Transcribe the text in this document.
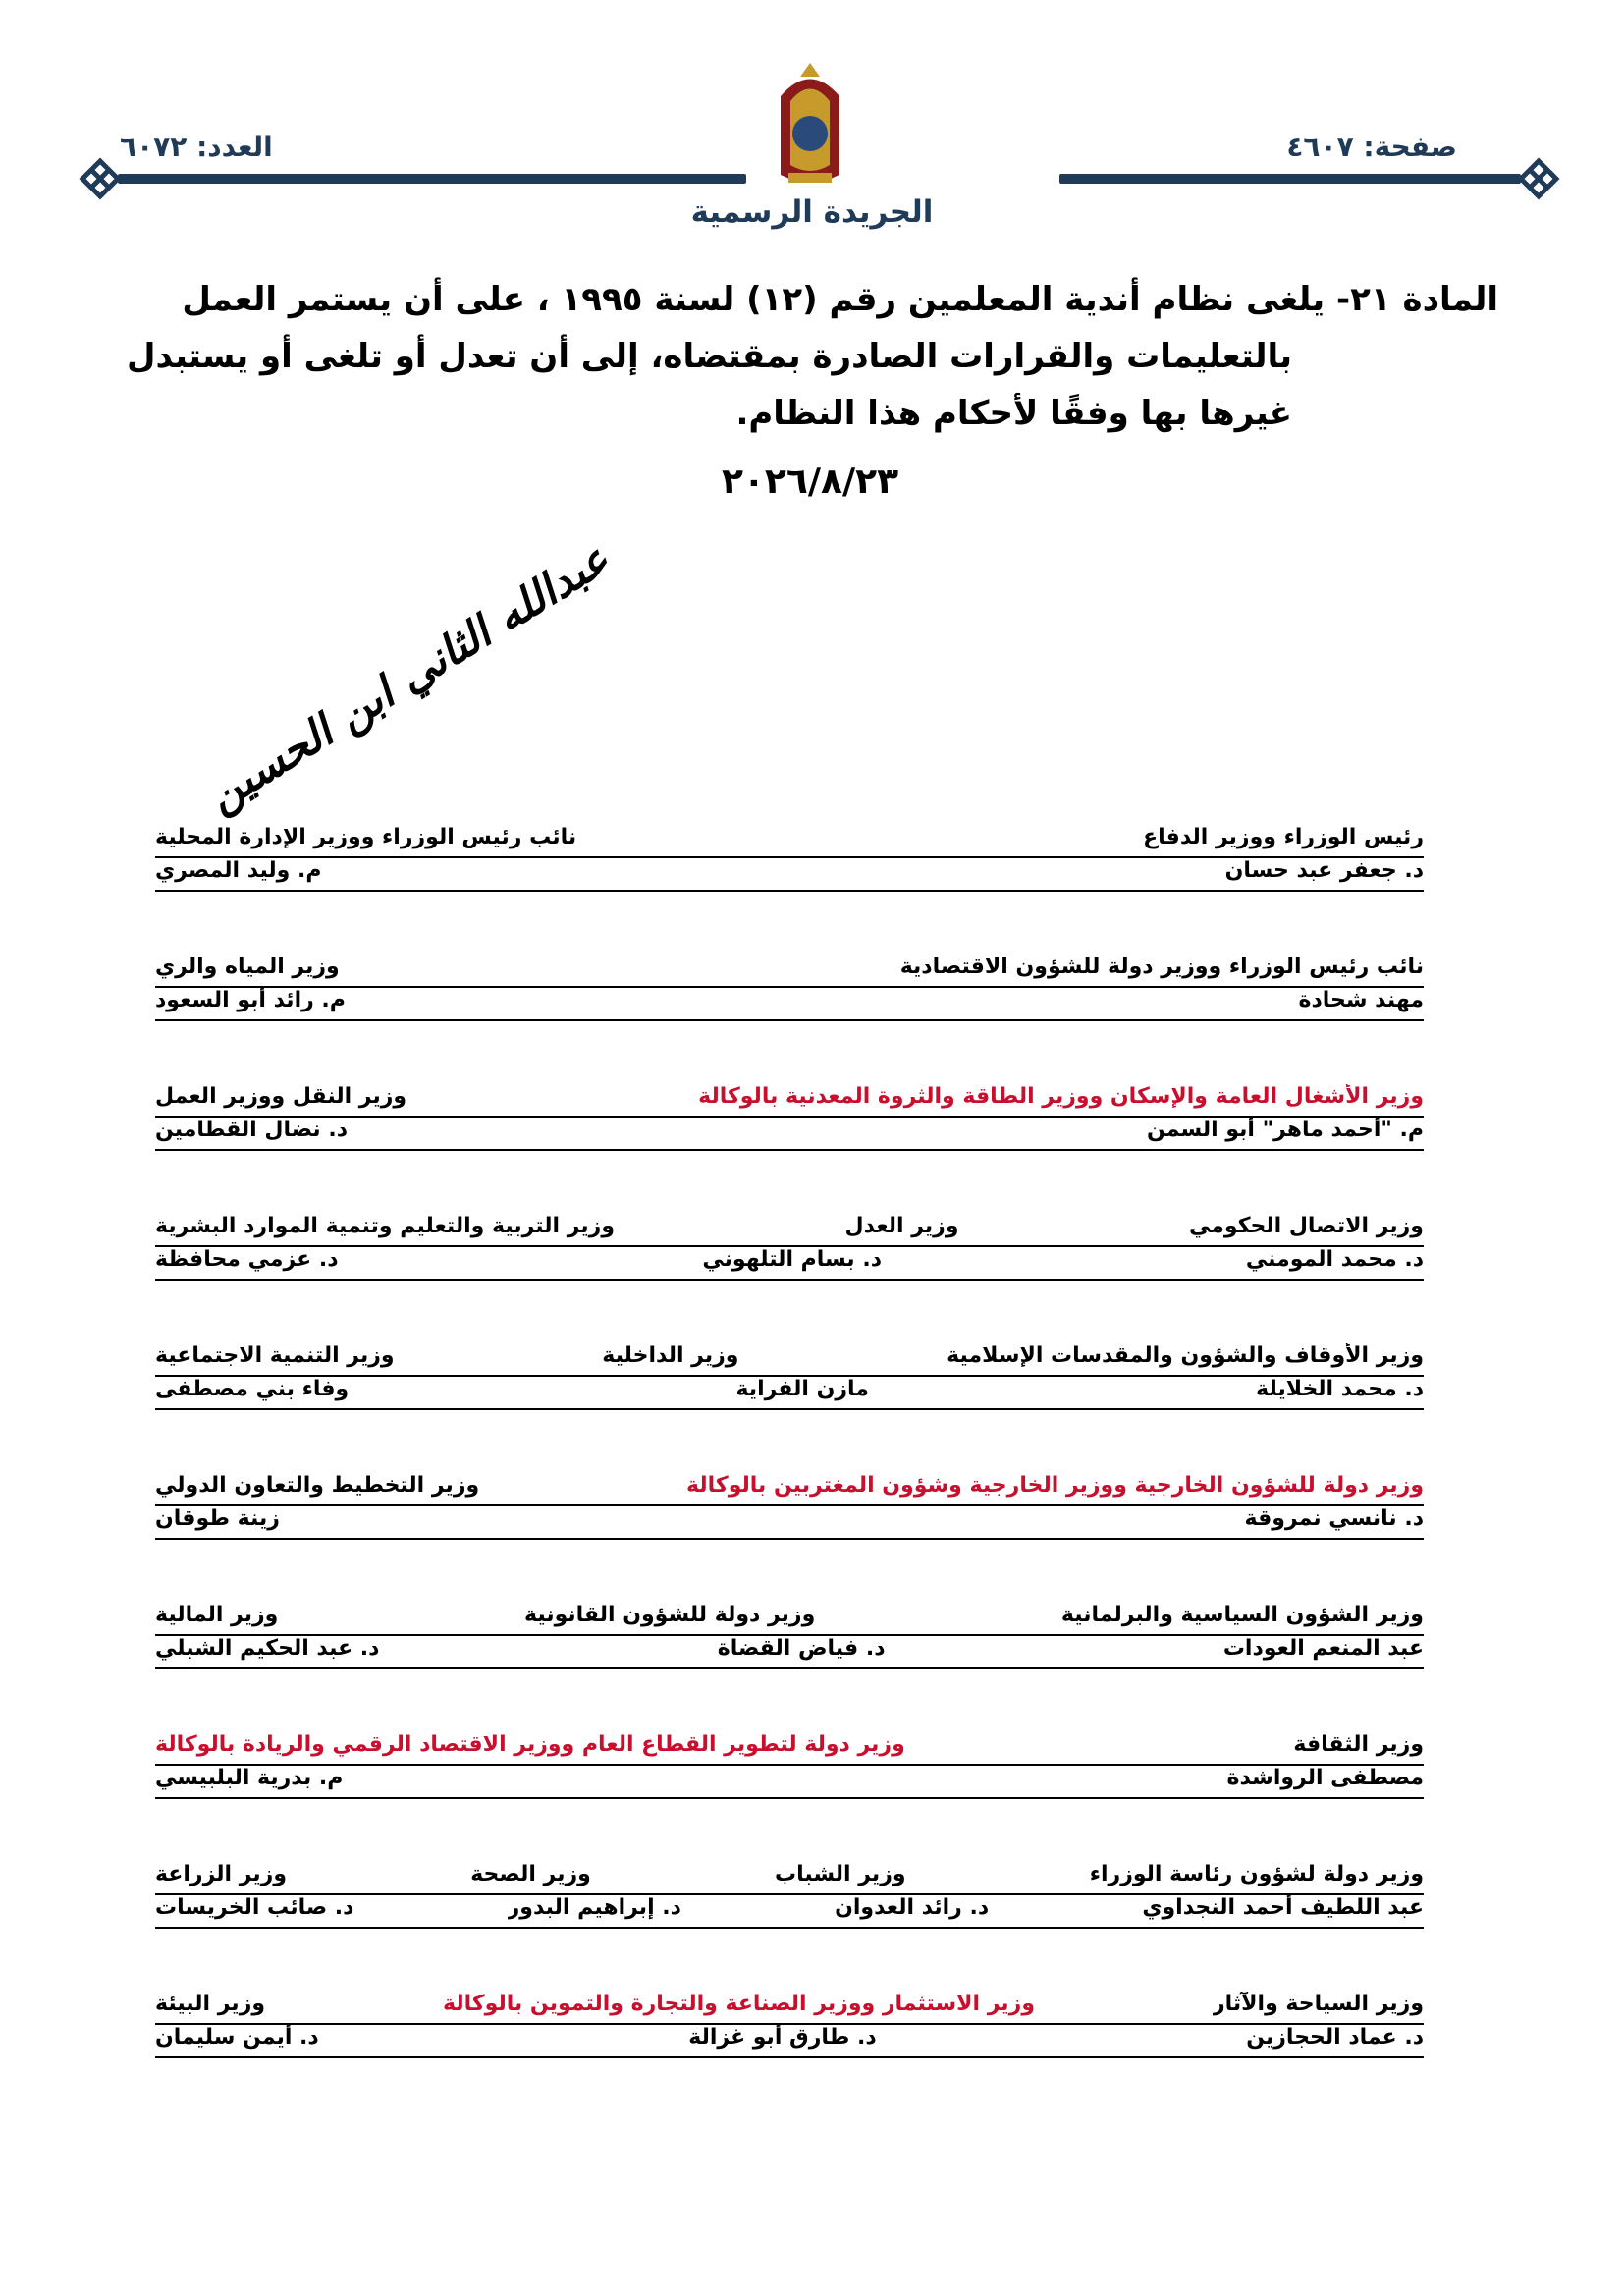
صفحة: ٤٦٠٧
العدد: ٦٠٧٢
الجريدة الرسمية
المادة ٢١- يلغى نظام أندية المعلمين رقم (١٢) لسنة ١٩٩٥ ، على أن يستمر العمل
بالتعليمات والقرارات الصادرة بمقتضاه، إلى أن تعدل أو تلغى أو يستبدل
غيرها بها وفقًا لأحكام هذا النظام.
٢٠٢٦/٨/٢٣
عبدالله الثاني ابن الحسين
رئيس الوزراء ووزير الدفاع
نائب رئيس الوزراء ووزير الإدارة المحلية
د. جعفر عبد حسان
م. وليد المصري
نائب رئيس الوزراء ووزير دولة للشؤون الاقتصادية
وزير المياه والري
مهند شحادة
م. رائد أبو السعود
وزير الأشغال العامة والإسكان ووزير الطاقة والثروة المعدنية بالوكالة
وزير النقل ووزير العمل
م. "أحمد ماهر" أبو السمن
د. نضال القطامين
وزير الاتصال الحكومي
وزير العدل
وزير التربية والتعليم وتنمية الموارد البشرية
د. محمد المومني
د. بسام التلهوني
د. عزمي محافظة
وزير الأوقاف والشؤون والمقدسات الإسلامية
وزير الداخلية
وزير التنمية الاجتماعية
د. محمد الخلايلة
مازن الفراية
وفاء بني مصطفى
وزير دولة للشؤون الخارجية ووزير الخارجية وشؤون المغتربين بالوكالة
وزير التخطيط والتعاون الدولي
د. نانسي نمروقة
زينة طوقان
وزير الشؤون السياسية والبرلمانية
وزير دولة للشؤون القانونية
وزير المالية
عبد المنعم العودات
د. فياض القضاة
د. عبد الحكيم الشبلي
وزير الثقافة
وزير دولة لتطوير القطاع العام ووزير الاقتصاد الرقمي والريادة بالوكالة
مصطفى الرواشدة
م. بدرية البلبيسي
وزير دولة لشؤون رئاسة الوزراء
وزير الشباب
وزير الصحة
وزير الزراعة
عبد اللطيف أحمد النجداوي
د. رائد العدوان
د. إبراهيم البدور
د. صائب الخريسات
وزير السياحة والآثار
وزير الاستثمار ووزير الصناعة والتجارة والتموين بالوكالة
وزير البيئة
د. عماد الحجازين
د. طارق أبو غزالة
د. أيمن سليمان
